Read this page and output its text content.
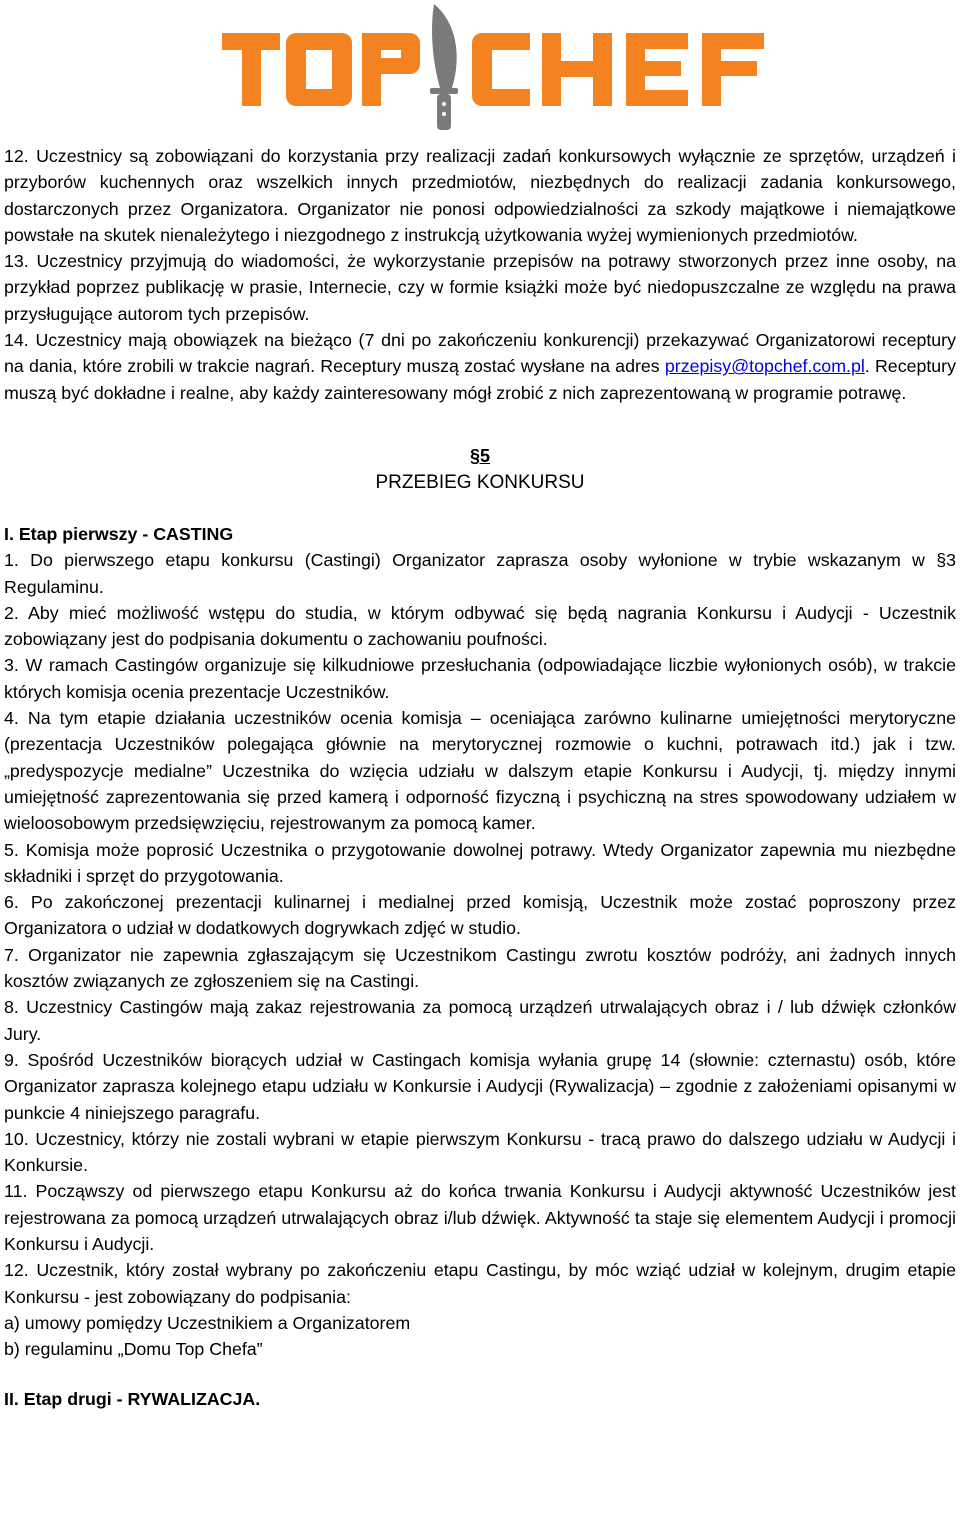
12. Uczestnicy są zobowiązani do korzystania przy realizacji zadań konkursowych wyłącznie ze sprzętów, urządzeń i przyborów kuchennych oraz wszelkich innych przedmiotów, niezbędnych do realizacji zadania konkursowego, dostarczonych przez Organizatora. Organizator nie ponosi odpowiedzialności za szkody majątkowe i niemajątkowe powstałe na skutek nienależytego i niezgodnego z instrukcją użytkowania wyżej wymienionych przedmiotów.

13. Uczestnicy przyjmują do wiadomości, że wykorzystanie przepisów na potrawy stworzonych przez inne osoby, na przykład poprzez publikację w prasie, Internecie, czy w formie książki może być niedopuszczalne ze względu na prawa przysługujące autorom tych przepisów.

14. Uczestnicy mają obowiązek na bieżąco (7 dni po zakończeniu konkurencji) przekazywać Organizatorowi receptury na dania, które zrobili w trakcie nagrań. Receptury muszą zostać wysłane na adres przepisy@topchef.com.pl. Receptury muszą być dokładne i realne, aby każdy zainteresowany mógł zrobić z nich zaprezentowaną w programie potrawę.

§5
PRZEBIEG KONKURSU

I. Etap pierwszy - CASTING

1. Do pierwszego etapu konkursu (Castingi) Organizator zaprasza osoby wyłonione w trybie wskazanym w §3 Regulaminu.

2. Aby mieć możliwość wstępu do studia, w którym odbywać się będą nagrania Konkursu i Audycji - Uczestnik zobowiązany jest do podpisania dokumentu o zachowaniu poufności.

3. W ramach Castingów organizuje się kilkudniowe przesłuchania (odpowiadające liczbie wyłonionych osób), w trakcie których komisja ocenia prezentacje Uczestników.

4. Na tym etapie działania uczestników ocenia komisja – oceniająca zarówno kulinarne umiejętności merytoryczne (prezentacja Uczestników polegająca głównie na merytorycznej rozmowie o kuchni, potrawach itd.) jak i tzw. „predyspozycje medialne” Uczestnika do wzięcia udziału w dalszym etapie Konkursu i Audycji, tj. między innymi umiejętność zaprezentowania się przed kamerą i odporność fizyczną i psychiczną na stres spowodowany udziałem w wieloosobowym przedsięwzięciu, rejestrowanym za pomocą kamer.

5. Komisja może poprosić Uczestnika o przygotowanie dowolnej potrawy. Wtedy Organizator zapewnia mu niezbędne składniki i sprzęt do przygotowania.

6. Po zakończonej prezentacji kulinarnej i medialnej przed komisją, Uczestnik może zostać poproszony przez Organizatora o udział w dodatkowych dogrywkach zdjęć w studio.

7. Organizator nie zapewnia zgłaszającym się Uczestnikom Castingu zwrotu kosztów podróży, ani żadnych innych kosztów związanych ze zgłoszeniem się na Castingi.

8. Uczestnicy Castingów mają zakaz rejestrowania za pomocą urządzeń utrwalających obraz i / lub dźwięk członków Jury.

9. Spośród Uczestników biorących udział w Castingach komisja wyłania grupę 14 (słownie: czternastu) osób, które Organizator zaprasza kolejnego etapu udziału w Konkursie i Audycji (Rywalizacja) – zgodnie z założeniami opisanymi w punkcie 4 niniejszego paragrafu.

10. Uczestnicy, którzy nie zostali wybrani w etapie pierwszym Konkursu - tracą prawo do dalszego udziału w Audycji i Konkursie.

11. Począwszy od pierwszego etapu Konkursu aż do końca trwania Konkursu i Audycji aktywność Uczestników jest rejestrowana za pomocą urządzeń utrwalających obraz i/lub dźwięk. Aktywność ta staje się elementem Audycji i promocji Konkursu i Audycji.

12. Uczestnik, który został wybrany po zakończeniu etapu Castingu, by móc wziąć udział w kolejnym, drugim etapie Konkursu - jest zobowiązany do podpisania:

a) umowy pomiędzy Uczestnikiem a Organizatorem

b) regulaminu „Domu Top Chefa”

II. Etap drugi - RYWALIZACJA.
